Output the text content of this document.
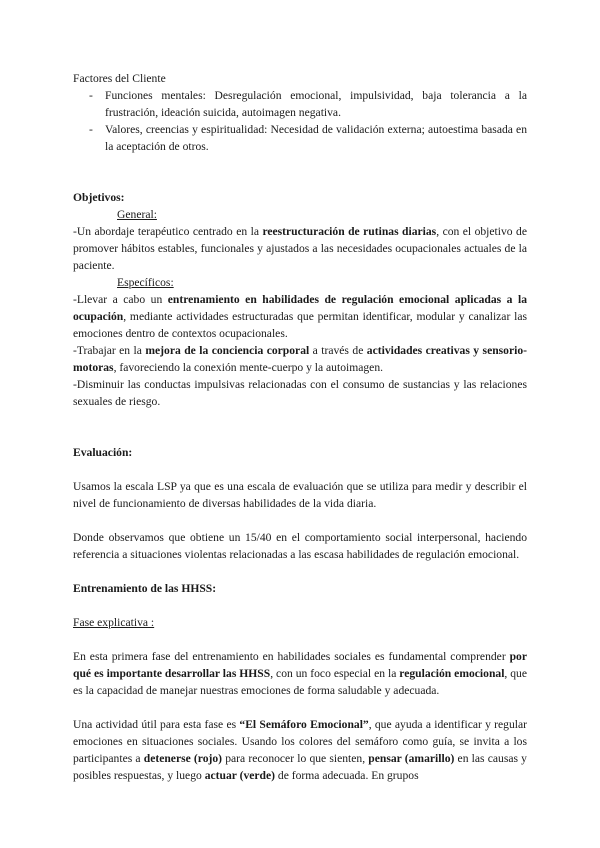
Factores del Cliente

- Funciones mentales: Desregulación emocional, impulsividad, baja tolerancia a la frustración, ideación suicida, autoimagen negativa.
- Valores, creencias y espiritualidad: Necesidad de validación externa; autoestima basada en la aceptación de otros.

Objetivos:

General:

-Un abordaje terapéutico centrado en la reestructuración de rutinas diarias, con el objetivo de promover hábitos estables, funcionales y ajustados a las necesidades ocupacionales actuales de la paciente.

Específicos:

-Llevar a cabo un entrenamiento en habilidades de regulación emocional aplicadas a la ocupación, mediante actividades estructuradas que permitan identificar, modular y canalizar las emociones dentro de contextos ocupacionales.

-Trabajar en la mejora de la conciencia corporal a través de actividades creativas y sensorio-motoras, favoreciendo la conexión mente-cuerpo y la autoimagen.

-Disminuir las conductas impulsivas relacionadas con el consumo de sustancias y las relaciones sexuales de riesgo.

Evaluación:

Usamos la escala LSP ya que es una escala de evaluación que se utiliza para medir y describir el nivel de funcionamiento de diversas habilidades de la vida diaria.

Donde observamos que obtiene un 15/40 en el comportamiento social interpersonal, haciendo referencia a situaciones violentas relacionadas a las escasa habilidades de regulación emocional.

Entrenamiento de las HHSS:

Fase explicativa :

En esta primera fase del entrenamiento en habilidades sociales es fundamental comprender por qué es importante desarrollar las HHSS, con un foco especial en la regulación emocional, que es la capacidad de manejar nuestras emociones de forma saludable y adecuada.

Una actividad útil para esta fase es “El Semáforo Emocional”, que ayuda a identificar y regular emociones en situaciones sociales. Usando los colores del semáforo como guía, se invita a los participantes a detenerse (rojo) para reconocer lo que sienten, pensar (amarillo) en las causas y posibles respuestas, y luego actuar (verde) de forma adecuada. En grupos
